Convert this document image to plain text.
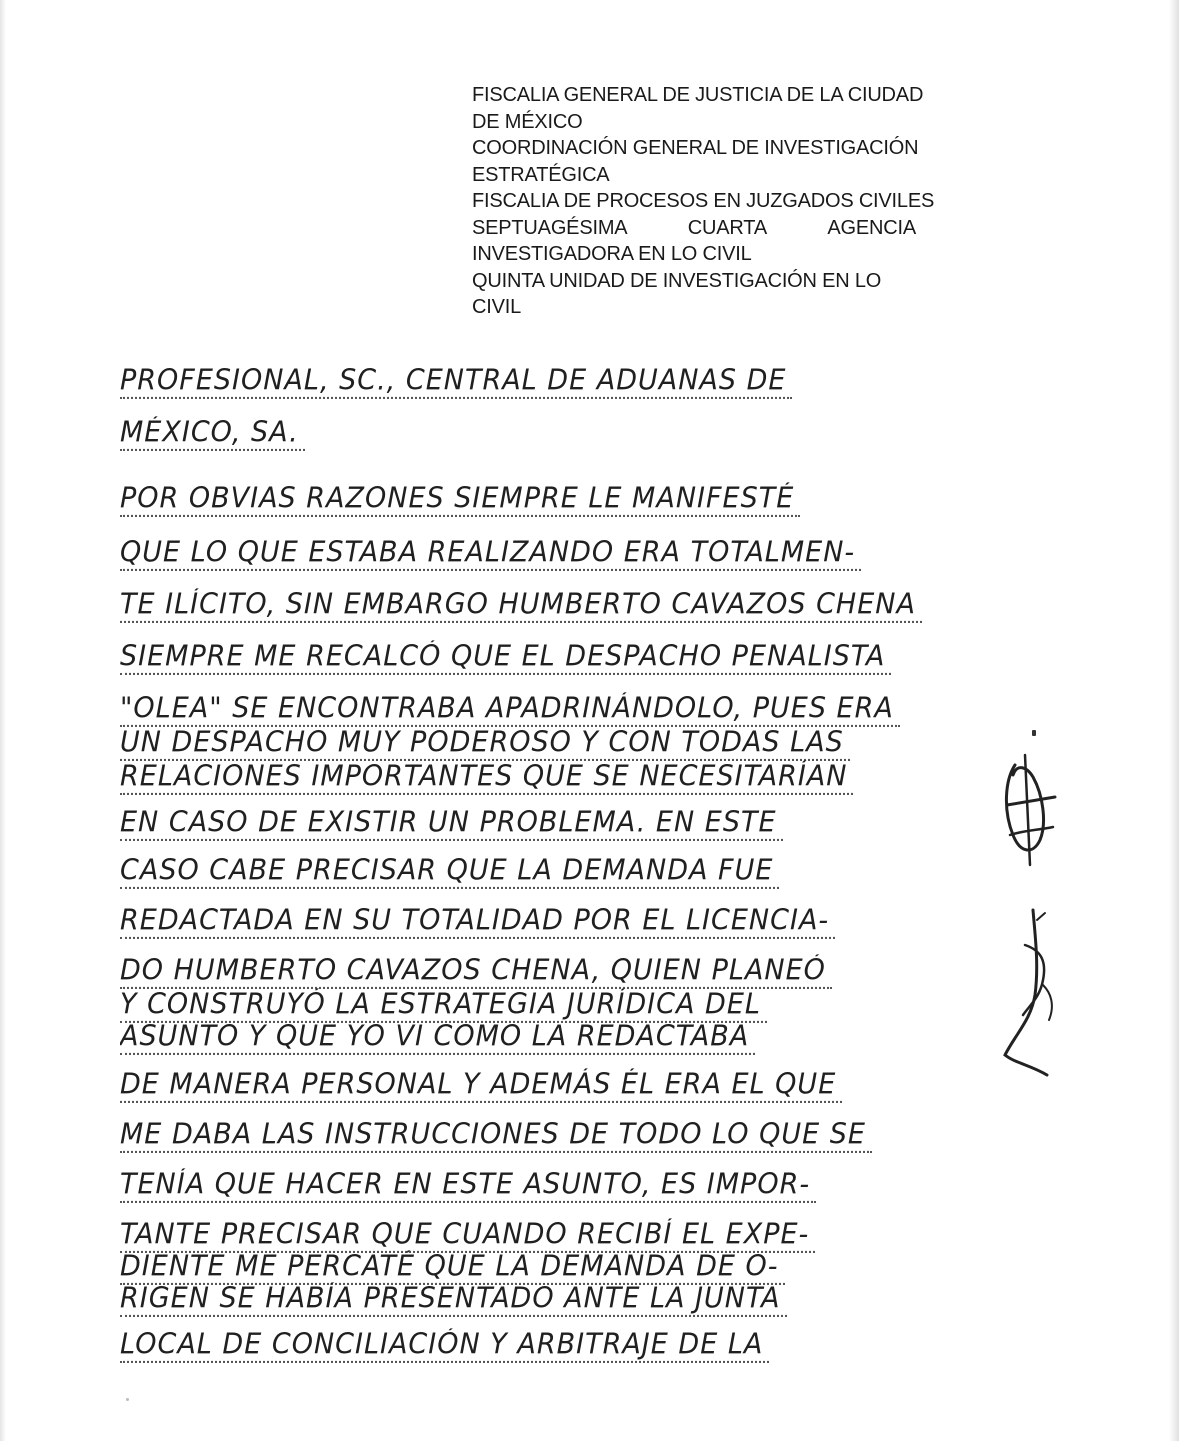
FISCALIA GENERAL DE JUSTICIA DE LA CIUDAD
DE MÉXICO
COORDINACIÓN GENERAL DE INVESTIGACIÓN
ESTRATÉGICA
FISCALIA DE PROCESOS EN JUZGADOS CIVILES
SEPTUAGÉSIMA	CUARTA	AGENCIA
INVESTIGADORA EN LO CIVIL
QUINTA UNIDAD DE INVESTIGACIÓN EN LO
CIVIL
PROFESIONAL, SC., CENTRAL DE ADUANAS DE
MÉXICO, SA.
POR OBVIAS RAZONES SIEMPRE LE MANIFESTÉ
QUE LO QUE ESTABA REALIZANDO ERA TOTALMEN-
TE ILÍCITO, SIN EMBARGO HUMBERTO CAVAZOS CHENA
SIEMPRE ME RECALCÓ QUE EL DESPACHO PENALISTA
"OLEA" SE ENCONTRABA APADRINÁNDOLO, PUES ERA
UN DESPACHO MUY PODEROSO Y CON TODAS LAS
RELACIONES IMPORTANTES QUE SE NECESITARÍAN
EN CASO DE EXISTIR UN PROBLEMA. EN ESTE
CASO CABE PRECISAR QUE LA DEMANDA FUE
REDACTADA EN SU TOTALIDAD POR EL LICENCIA-
DO HUMBERTO CAVAZOS CHENA, QUIEN PLANEÓ
Y CONSTRUYÓ LA ESTRATEGIA JURÍDICA DEL
ASUNTO Y QUE YO VI COMO LA REDACTABA
DE MANERA PERSONAL Y ADEMÁS ÉL ERA EL QUE
ME DABA LAS INSTRUCCIONES DE TODO LO QUE SE
TENÍA QUE HACER EN ESTE ASUNTO, ES IMPOR-
TANTE PRECISAR QUE CUANDO RECIBÍ EL EXPE-
DIENTE ME PERCATÉ QUE LA DEMANDA DE O-
RIGEN SE HABÍA PRESENTADO ANTE LA JUNTA
LOCAL DE CONCILIACIÓN Y ARBITRAJE DE LA
